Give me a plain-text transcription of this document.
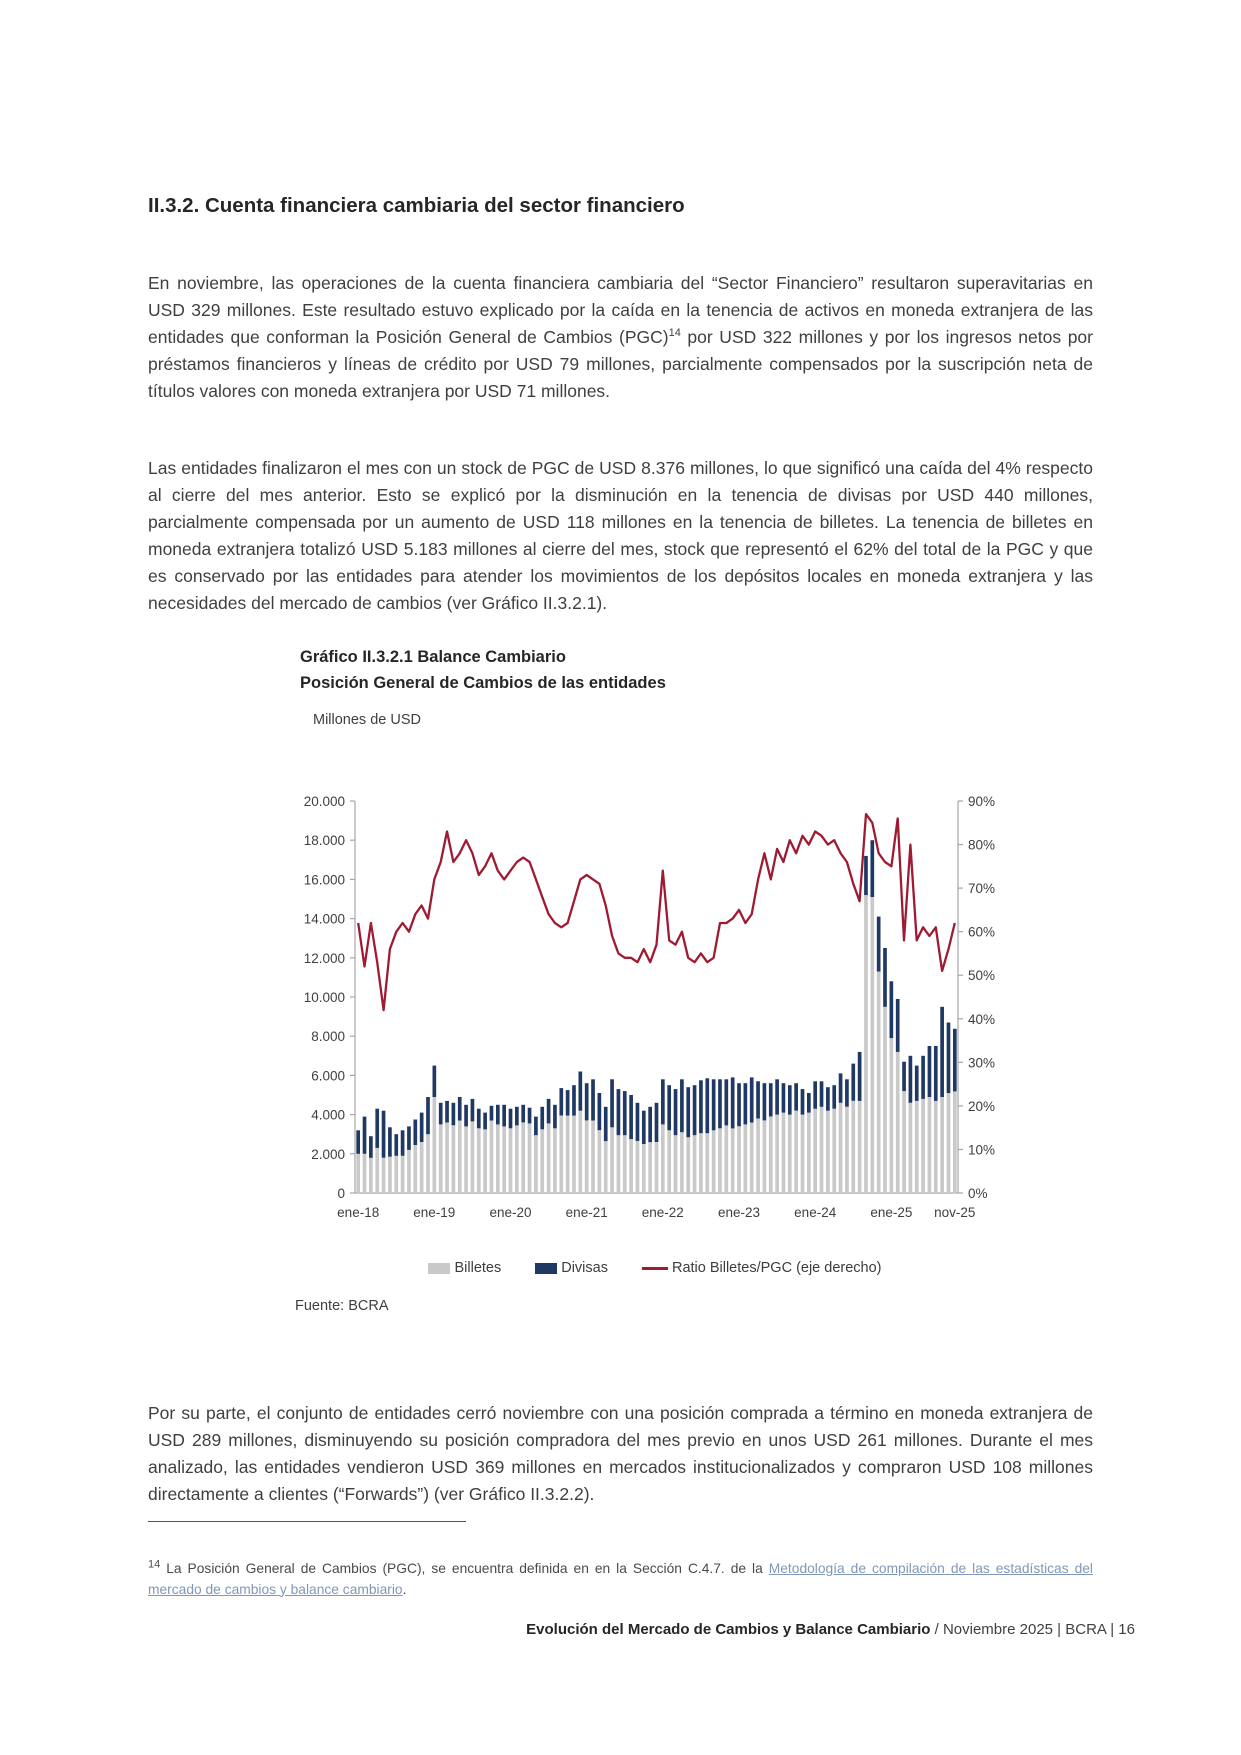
II.3.2. Cuenta financiera cambiaria del sector financiero

En noviembre, las operaciones de la cuenta financiera cambiaria del “Sector Financiero” resultaron superavitarias en USD 329 millones. Este resultado estuvo explicado por la caída en la tenencia de activos en moneda extranjera de las entidades que conforman la Posición General de Cambios (PGC)$^{14}$ por USD 322 millones y por los ingresos netos por préstamos financieros y líneas de crédito por USD 79 millones, parcialmente compensados por la suscripción neta de títulos valores con moneda extranjera por USD 71 millones.

Las entidades finalizaron el mes con un stock de PGC de USD 8.376 millones, lo que significó una caída del 4% respecto al cierre del mes anterior. Esto se explicó por la disminución en la tenencia de divisas por USD 440 millones, parcialmente compensada por un aumento de USD 118 millones en la tenencia de billetes. La tenencia de billetes en moneda extranjera totalizó USD 5.183 millones al cierre del mes, stock que representó el 62% del total de la PGC y que es conservado por las entidades para atender los movimientos de los depósitos locales en moneda extranjera y las necesidades del mercado de cambios (ver Gráfico II.3.2.1).

Gráfico II.3.2.1 Balance Cambiario

Posición General de Cambios de las entidades

Millones de USD
0
2.000
4.000
6.000
8.000
10.000
12.000
14.000
16.000
18.000
20.000
0%
10%
20%
30%
40%
50%
60%
70%
80%
90%
ene-18	ene-19	ene-20	ene-21	ene-22	ene-23	ene-24	ene-25 nov-25
Billetes	Divisas	Ratio Billetes/PGC (eje derecho)
Fuente: BCRA

Por su parte, el conjunto de entidades cerró noviembre con una posición comprada a término en moneda extranjera de USD 289 millones, disminuyendo su posición compradora del mes previo en unos USD 261 millones. Durante el mes analizado, las entidades vendieron USD 369 millones en mercados institucionalizados y compraron USD 108 millones directamente a clientes (“Forwards”) (ver Gráfico II.3.2.2).

$^{14}$ La Posición General de Cambios (PGC), se encuentra definida en en la Sección C.4.7. de la Metodología de compilación de las estadísticas del mercado de cambios y balance cambiario.

Evolución del Mercado de Cambios y Balance Cambiario / Noviembre 2025 | BCRA | 16
